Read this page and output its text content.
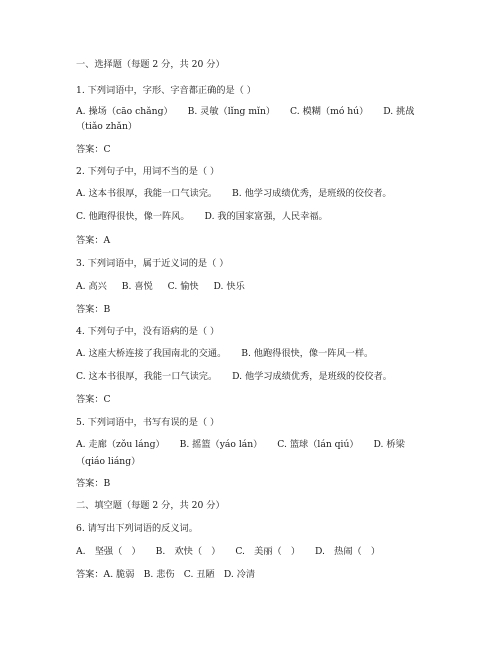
一、选择题（每题 2 分，共 20 分）
1. 下列词语中，字形、字音都正确的是（ ）
A. 操场（cāo chǎng） B. 灵敏（lǐng mǐn） C. 模糊（mó hú） D. 挑战
（tiǎo zhǎn）
答案：C
2. 下列句子中，用词不当的是（ ）
A. 这本书很厚，我能一口气读完。 B. 他学习成绩优秀，是班级的佼佼者。
C. 他跑得很快，像一阵风。 D. 我的国家富强，人民幸福。
答案：A
3. 下列词语中，属于近义词的是（ ）
A. 高兴 B. 喜悦 C. 愉快 D. 快乐
答案：B
4. 下列句子中，没有语病的是（ ）
A. 这座大桥连接了我国南北的交通。 B. 他跑得很快，像一阵风一样。
C. 这本书很厚，我能一口气读完。 D. 他学习成绩优秀，是班级的佼佼者。
答案：C
5. 下列词语中，书写有误的是（ ）
A. 走廊（zǒu láng） B. 摇篮（yáo lán） C. 篮球（lán qiú） D. 桥梁
（qiáo liáng）
答案：B
二、填空题（每题 2 分，共 20 分）
6. 请写出下列词语的反义词。
A.　坚强（　） B.　欢快（　） C.　美丽（　） D.　热闹（　）
答案：A. 脆弱　B. 悲伤　C. 丑陋　D. 冷清
